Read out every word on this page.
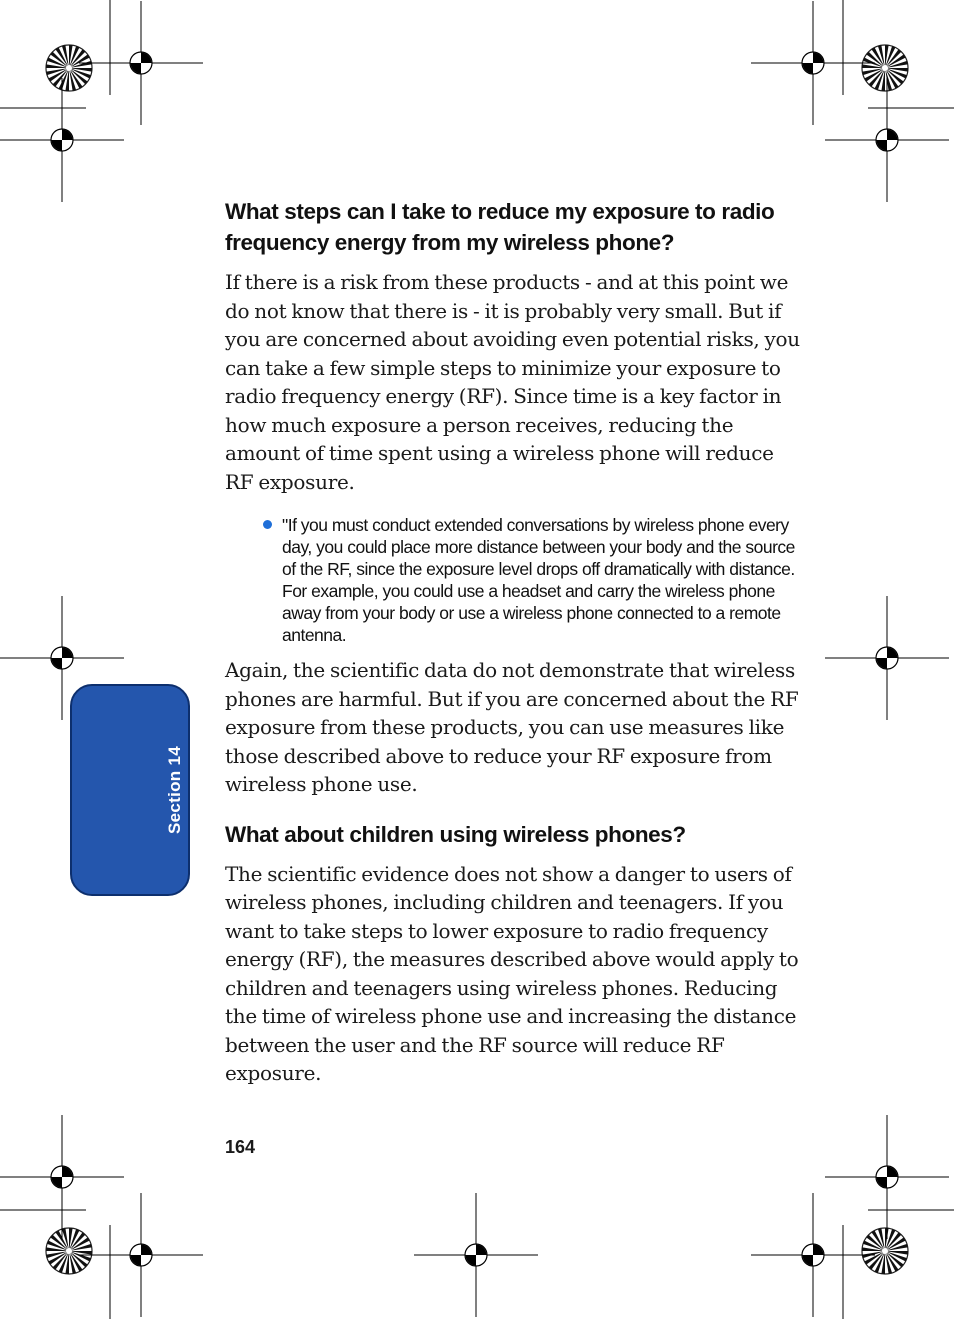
Section 14
What steps can I take to reduce my exposure to radio frequency energy from my wireless phone?

If there is a risk from these products - and at this point we do not know that there is - it is probably very small. But if you are concerned about avoiding even potential risks, you can take a few simple steps to minimize your exposure to radio frequency energy (RF). Since time is a key factor in how much exposure a person receives, reducing the amount of time spent using a wireless phone will reduce RF exposure.

"If you must conduct extended conversations by wireless phone every day, you could place more distance between your body and the source of the RF, since the exposure level drops off dramatically with distance. For example, you could use a headset and carry the wireless phone away from your body or use a wireless phone connected to a remote antenna.

Again, the scientific data do not demonstrate that wireless phones are harmful. But if you are concerned about the RF exposure from these products, you can use measures like those described above to reduce your RF exposure from wireless phone use.

What about children using wireless phones?

The scientific evidence does not show a danger to users of wireless phones, including children and teenagers. If you want to take steps to lower exposure to radio frequency energy (RF), the measures described above would apply to children and teenagers using wireless phones. Reducing the time of wireless phone use and increasing the distance between the user and the RF source will reduce RF exposure.

164
